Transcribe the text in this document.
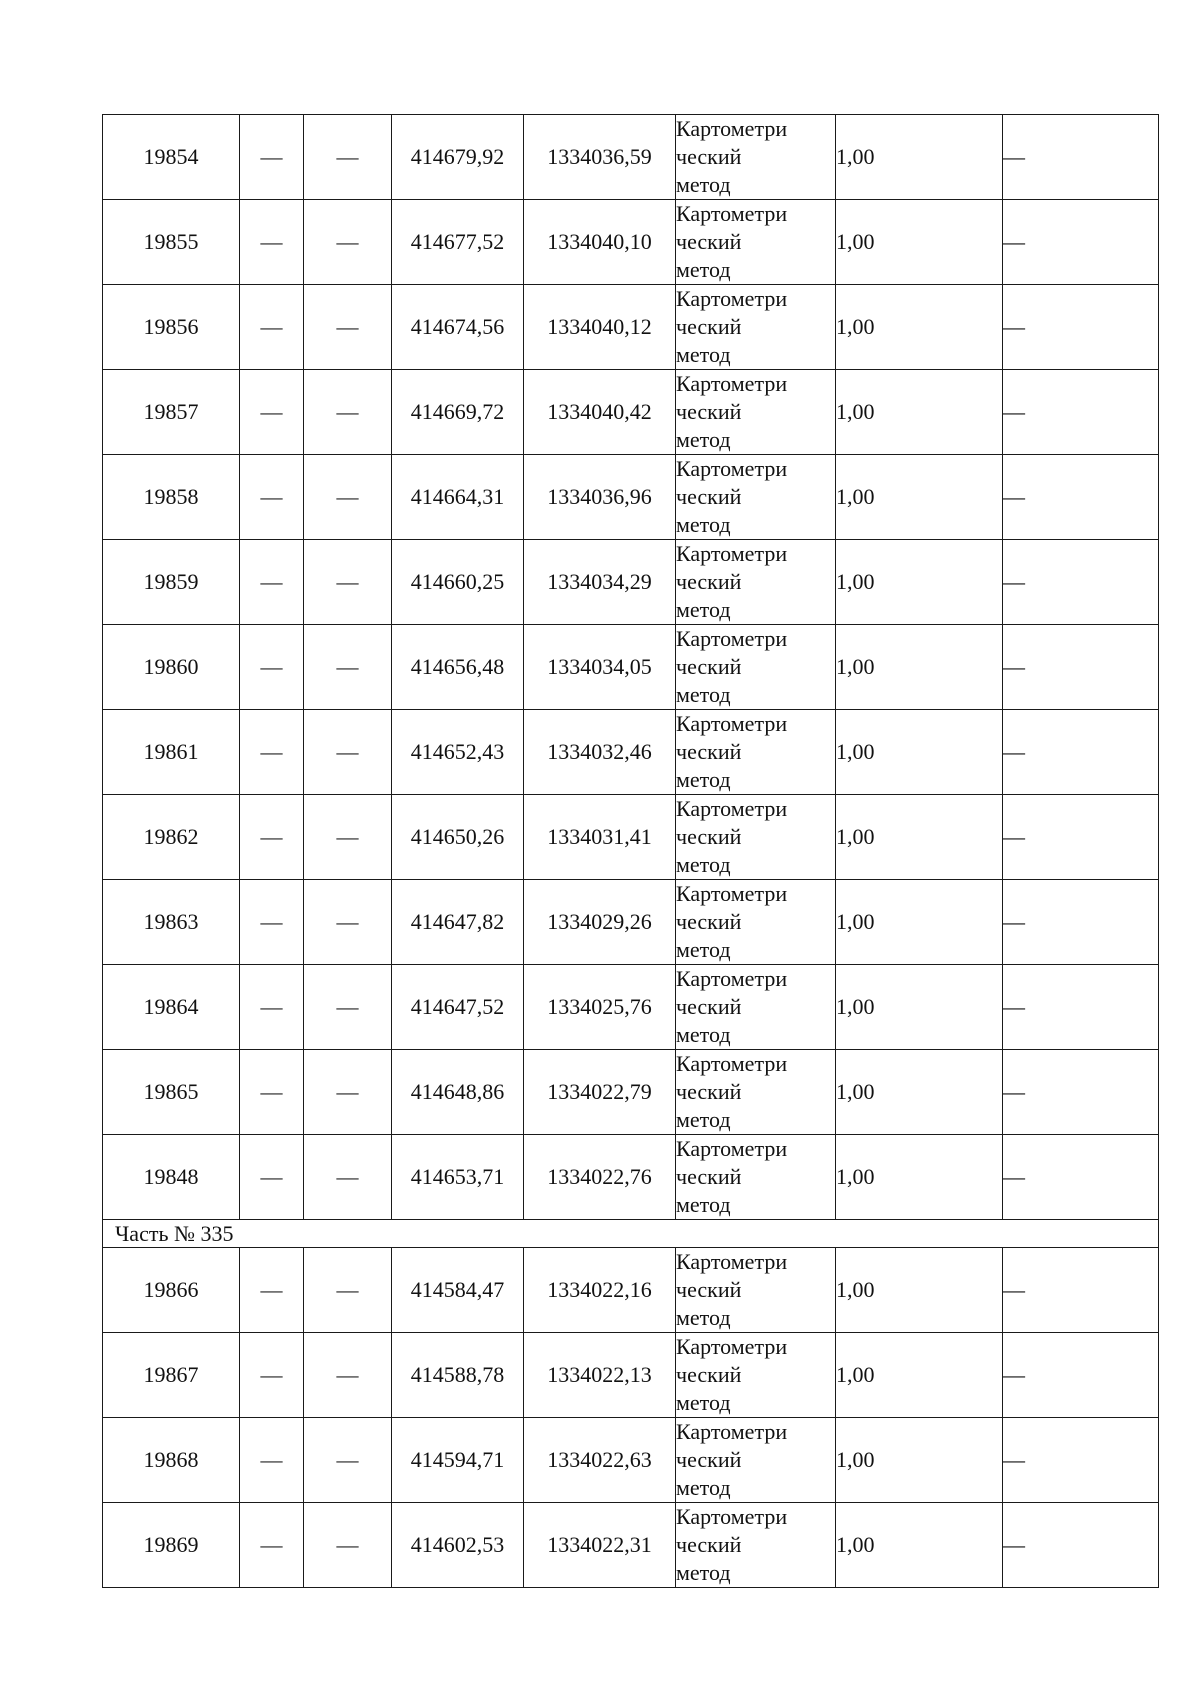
19854	—	—	414679,92	1334036,59	Картометри
ческий
метод	1,00	—
19855	—	—	414677,52	1334040,10	Картометри
ческий
метод	1,00	—
19856	—	—	414674,56	1334040,12	Картометри
ческий
метод	1,00	—
19857	—	—	414669,72	1334040,42	Картометри
ческий
метод	1,00	—
19858	—	—	414664,31	1334036,96	Картометри
ческий
метод	1,00	—
19859	—	—	414660,25	1334034,29	Картометри
ческий
метод	1,00	—
19860	—	—	414656,48	1334034,05	Картометри
ческий
метод	1,00	—
19861	—	—	414652,43	1334032,46	Картометри
ческий
метод	1,00	—
19862	—	—	414650,26	1334031,41	Картометри
ческий
метод	1,00	—
19863	—	—	414647,82	1334029,26	Картометри
ческий
метод	1,00	—
19864	—	—	414647,52	1334025,76	Картометри
ческий
метод	1,00	—
19865	—	—	414648,86	1334022,79	Картометри
ческий
метод	1,00	—
19848	—	—	414653,71	1334022,76	Картометри
ческий
метод	1,00	—
Часть № 335							
19866	—	—	414584,47	1334022,16	Картометри
ческий
метод	1,00	—
19867	—	—	414588,78	1334022,13	Картометри
ческий
метод	1,00	—
19868	—	—	414594,71	1334022,63	Картометри
ческий
метод	1,00	—
19869	—	—	414602,53	1334022,31	Картометри
ческий
метод	1,00	—
